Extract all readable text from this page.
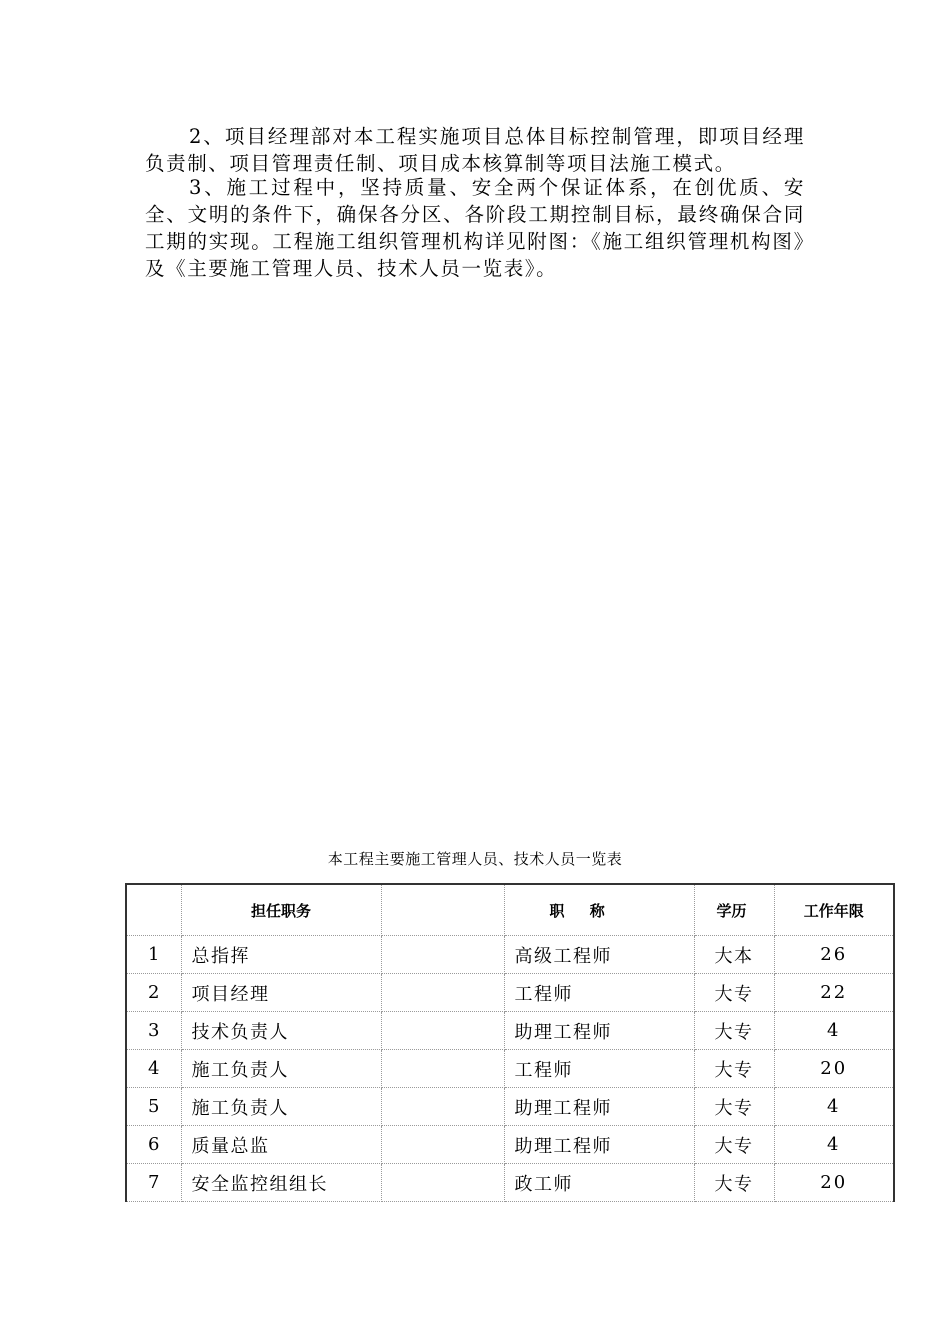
2、项目经理部对本工程实施项目总体目标控制管理，即项目经理负责制、项目管理责任制、项目成本核算制等项目法施工模式。

3、施工过程中，坚持质量、安全两个保证体系，在创优质、安全、文明的条件下，确保各分区、各阶段工期控制目标，最终确保合同工期的实现。工程施工组织管理机构详见附图：《施工组织管理机构图》及《主要施工管理人员、技术人员一览表》。

本工程主要施工管理人员、技术人员一览表
	担任职务		职 称	学历	工作年限
1	总指挥		高级工程师	大本	26
2	项目经理		工程师	大专	22
3	技术负责人		助理工程师	大专	4
4	施工负责人		工程师	大专	20
5	施工负责人		助理工程师	大专	4
6	质量总监		助理工程师	大专	4
7	安全监控组组长		政工师	大专	20
